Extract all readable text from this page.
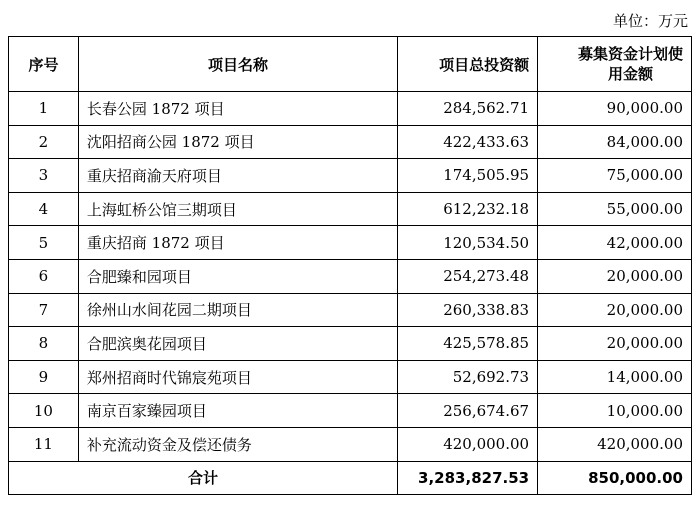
单位：万元
序号	项目名称	项目总投资额	募集资金计划使
用金额
1	长春公园 1872 项目	284,562.71	90,000.00
2	沈阳招商公园 1872 项目	422,433.63	84,000.00
3	重庆招商渝天府项目	174,505.95	75,000.00
4	上海虹桥公馆三期项目	612,232.18	55,000.00
5	重庆招商 1872 项目	120,534.50	42,000.00
6	合肥臻和园项目	254,273.48	20,000.00
7	徐州山水间花园二期项目	260,338.83	20,000.00
8	合肥滨奥花园项目	425,578.85	20,000.00
9	郑州招商时代锦宸苑项目	52,692.73	14,000.00
10	南京百家臻园项目	256,674.67	10,000.00
11	补充流动资金及偿还债务	420,000.00	420,000.00
合计		3,283,827.53	850,000.00
